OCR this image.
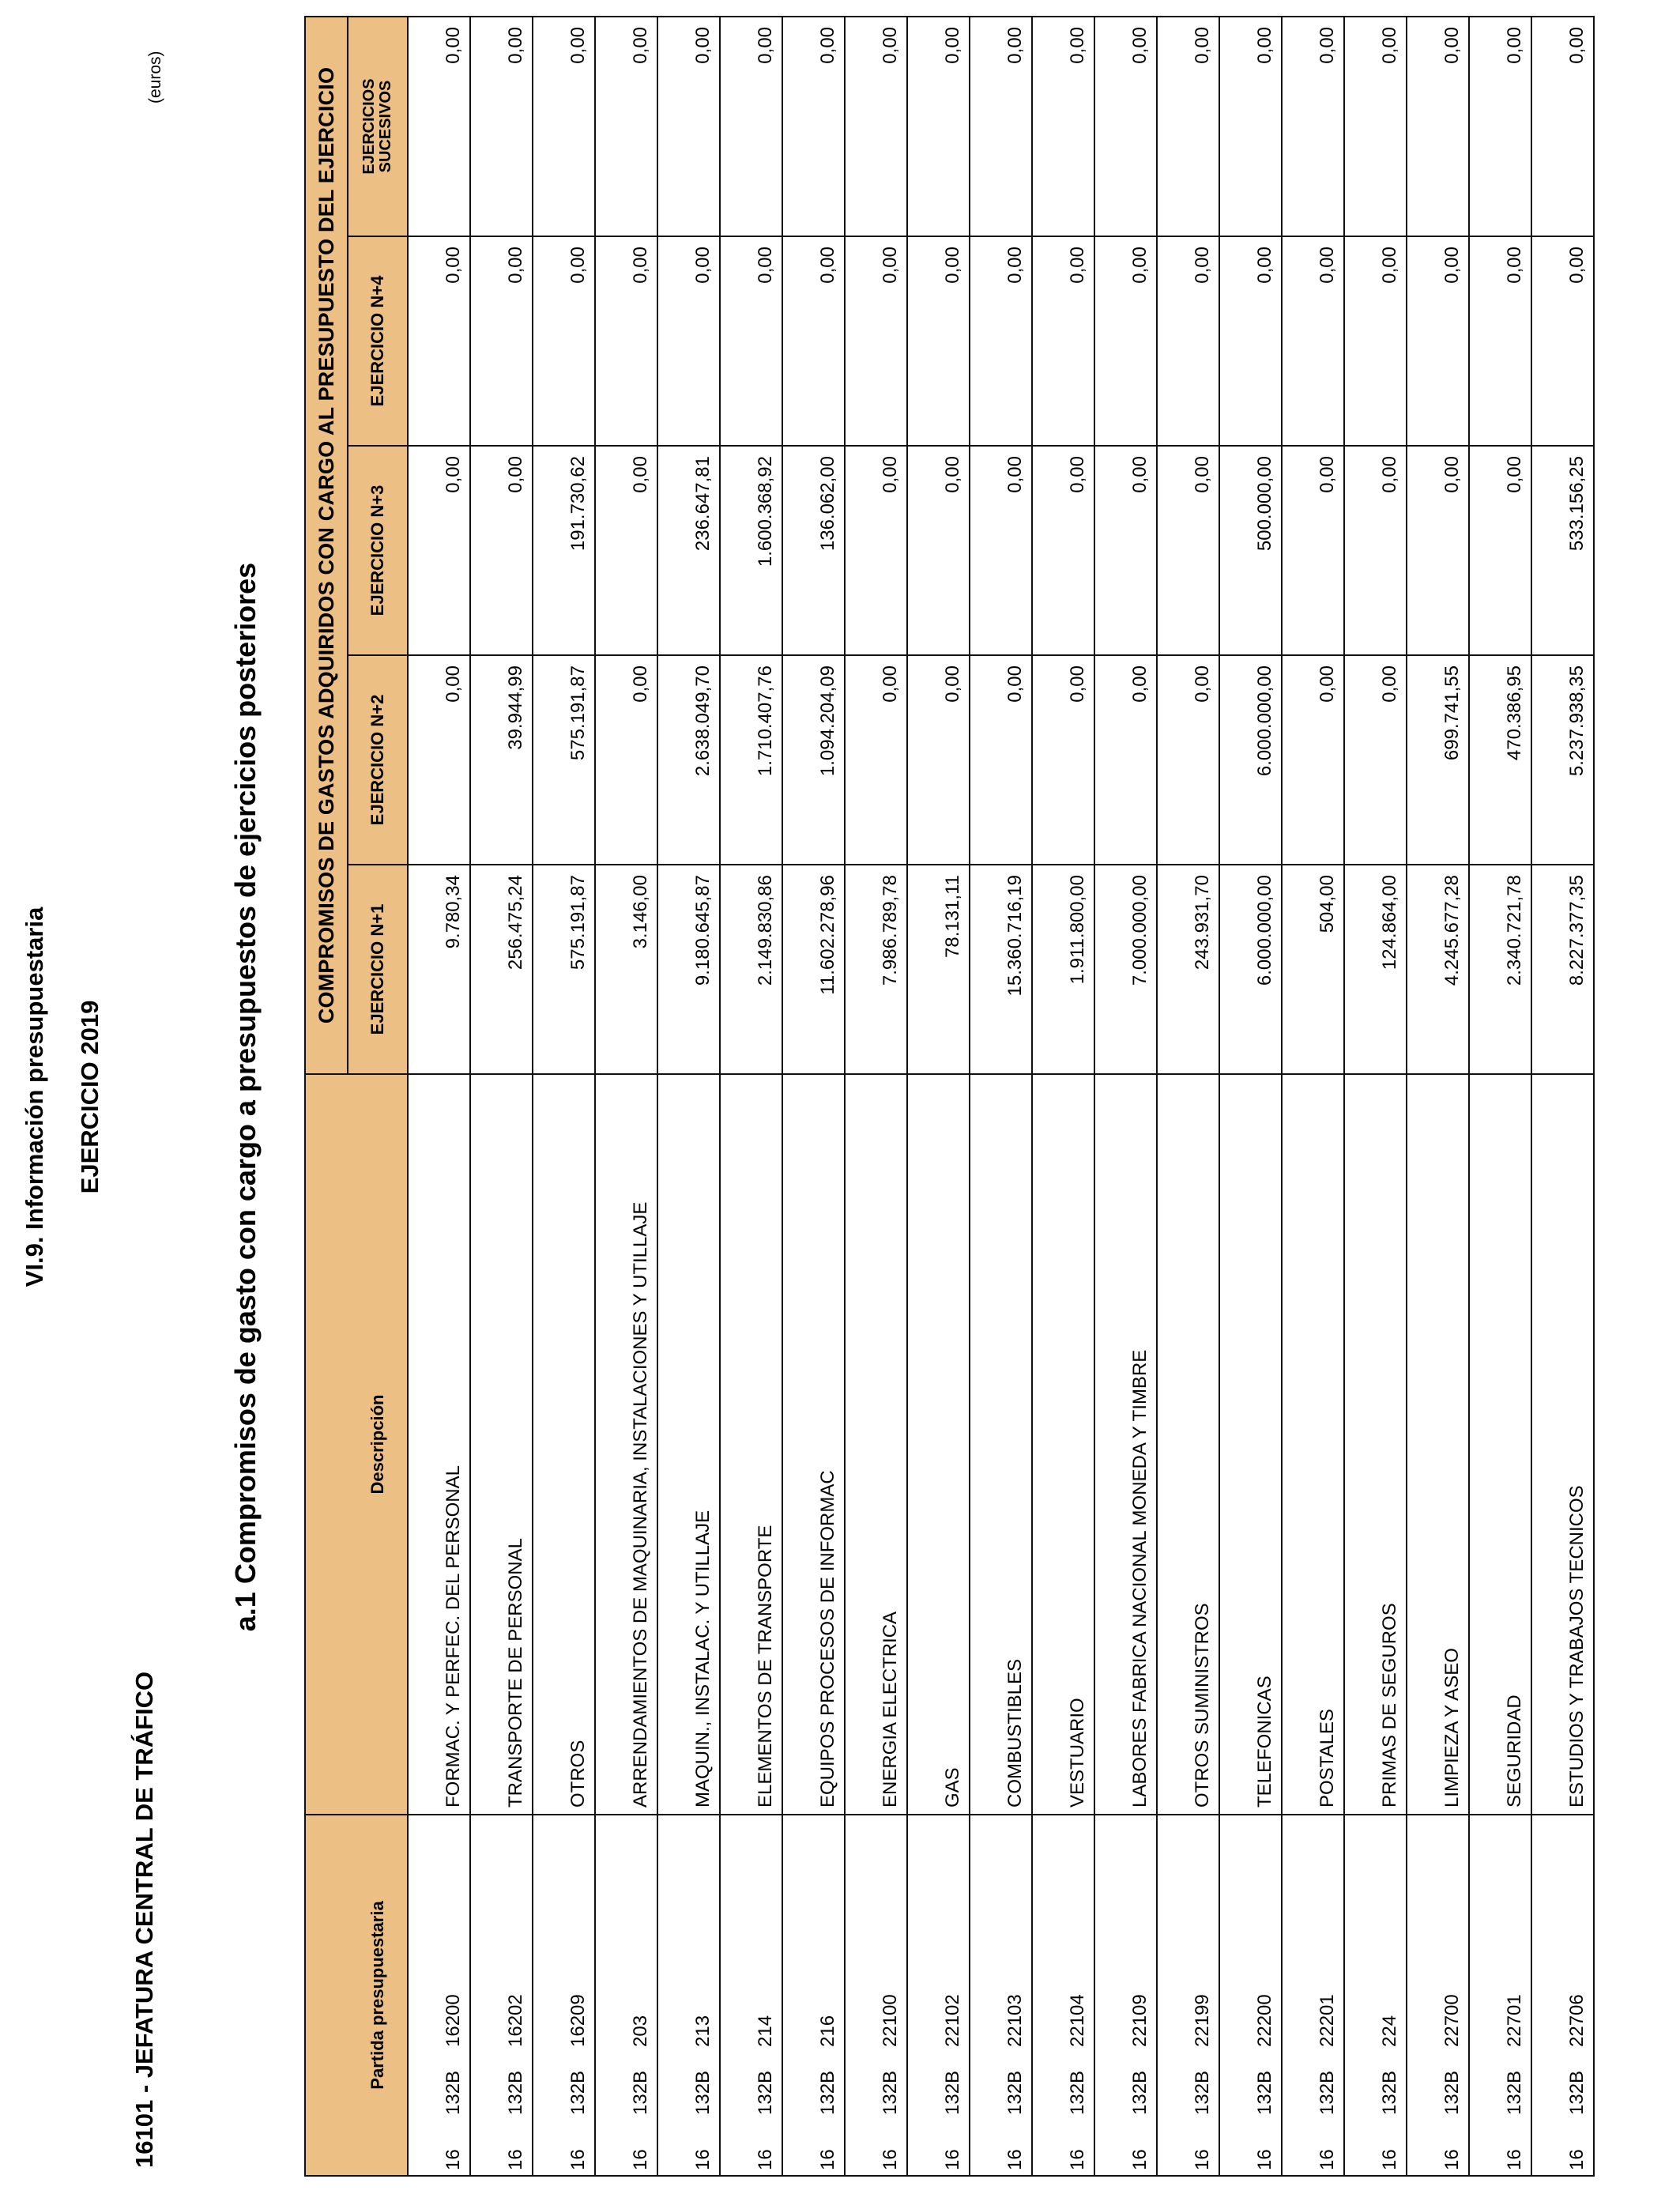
VI.9. Información presupuestaria EJERCICIO 2019
16101 - JEFATURA CENTRAL DE TRÁFICO
a.1 Compromisos de gasto con cargo a presupuestos de ejercicios posteriores
(euros)
			COMPROMISOS DE GASTOS ADQUIRIDOS CON CARGO AL PRESUPUESTO DEL EJERCICIO				
Partida presupuestaria	Descripción	EJERCICIO N+1	EJERCICIO N+2	EJERCICIO N+3	EJERCICIO N+4	EJERCICIOS
SUCESIVOS
16132B16200	FORMAC. Y PERFEC. DEL PERSONAL	9.780,34	0,00	0,00	0,00	0,00
16132B16202	TRANSPORTE DE PERSONAL	256.475,24	39.944,99	0,00	0,00	0,00
16132B16209	OTROS	575.191,87	575.191,87	191.730,62	0,00	0,00
16132B203	ARRENDAMIENTOS DE MAQUINARIA, INSTALACIONES Y UTILLAJE	3.146,00	0,00	0,00	0,00	0,00
16132B213	MAQUIN., INSTALAC. Y UTILLAJE	9.180.645,87	2.638.049,70	236.647,81	0,00	0,00
16132B214	ELEMENTOS DE TRANSPORTE	2.149.830,86	1.710.407,76	1.600.368,92	0,00	0,00
16132B216	EQUIPOS PROCESOS DE INFORMAC	11.602.278,96	1.094.204,09	136.062,00	0,00	0,00
16132B22100	ENERGIA ELECTRICA	7.986.789,78	0,00	0,00	0,00	0,00
16132B22102	GAS	78.131,11	0,00	0,00	0,00	0,00
16132B22103	COMBUSTIBLES	15.360.716,19	0,00	0,00	0,00	0,00
16132B22104	VESTUARIO	1.911.800,00	0,00	0,00	0,00	0,00
16132B22109	LABORES FABRICA NACIONAL MONEDA Y TIMBRE	7.000.000,00	0,00	0,00	0,00	0,00
16132B22199	OTROS SUMINISTROS	243.931,70	0,00	0,00	0,00	0,00
16132B22200	TELEFONICAS	6.000.000,00	6.000.000,00	500.000,00	0,00	0,00
16132B22201	POSTALES	504,00	0,00	0,00	0,00	0,00
16132B224	PRIMAS DE SEGUROS	124.864,00	0,00	0,00	0,00	0,00
16132B22700	LIMPIEZA Y ASEO	4.245.677,28	699.741,55	0,00	0,00	0,00
16132B22701	SEGURIDAD	2.340.721,78	470.386,95	0,00	0,00	0,00
16132B22706	ESTUDIOS Y TRABAJOS TECNICOS	8.227.377,35	5.237.938,35	533.156,25	0,00	0,00
